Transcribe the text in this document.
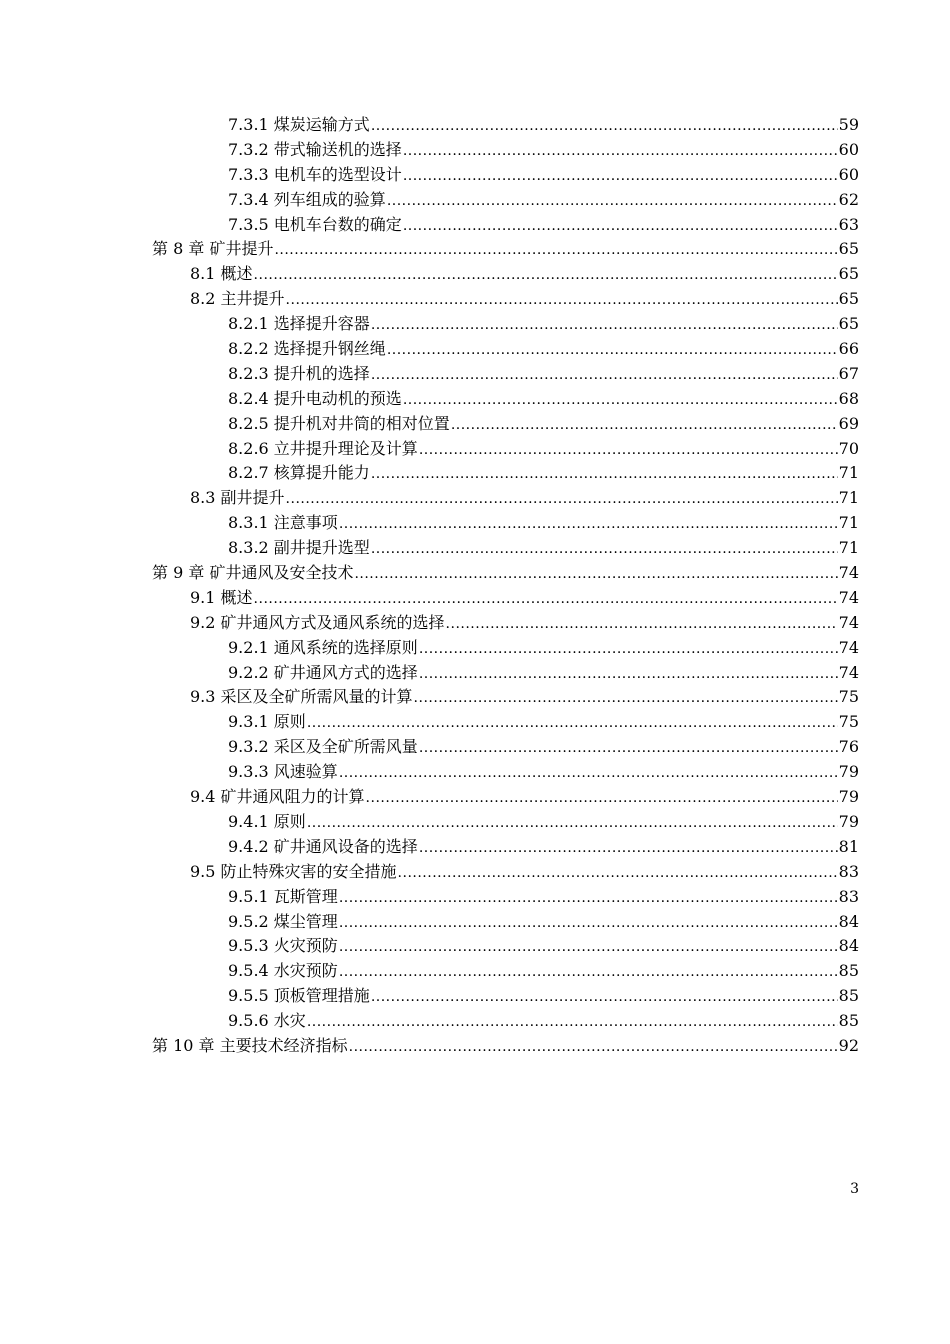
7.3.1 煤炭运输方式 .....	59
7.3.2 带式输送机的选择 .....	60
7.3.3 电机车的选型设计 .....	60
7.3.4 列车组成的验算 .....	62
7.3.5 电机车台数的确定 .....	63
第 8 章 矿井提升 .....	65
8.1 概述 .....	65
8.2 主井提升 .....	65
8.2.1 选择提升容器 .....	65
8.2.2 选择提升钢丝绳 .....	66
8.2.3 提升机的选择 .....	67
8.2.4 提升电动机的预选 .....	68
8.2.5 提升机对井筒的相对位置 .....	69
8.2.6 立井提升理论及计算 .....	70
8.2.7 核算提升能力 .....	71
8.3 副井提升 .....	71
8.3.1 注意事项 .....	71
8.3.2 副井提升选型 .....	71
第 9 章 矿井通风及安全技术 .....	74
9.1 概述 .....	74
9.2 矿井通风方式及通风系统的选择 .....	74
9.2.1 通风系统的选择原则 .....	74
9.2.2 矿井通风方式的选择 .....	74
9.3 采区及全矿所需风量的计算 .....	75
9.3.1 原则 .....	75
9.3.2 采区及全矿所需风量 .....	76
9.3.3 风速验算 .....	79
9.4 矿井通风阻力的计算 .....	79
9.4.1 原则 .....	79
9.4.2 矿井通风设备的选择 .....	81
9.5 防止特殊灾害的安全措施 .....	83
9.5.1 瓦斯管理 .....	83
9.5.2 煤尘管理 .....	84
9.5.3 火灾预防 .....	84
9.5.4 水灾预防 .....	85
9.5.5 顶板管理措施 .....	85
9.5.6 水灾 .....	85
第 10 章 主要技术经济指标 .....	92
3
